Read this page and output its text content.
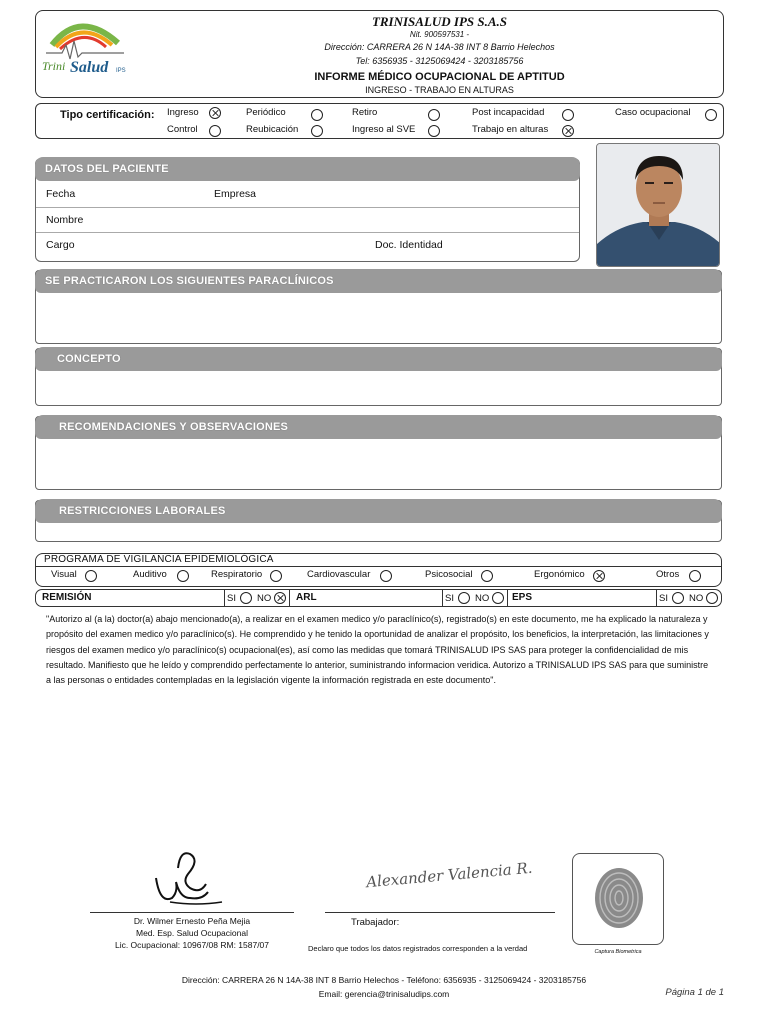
TRINISALUD IPS S.A.S
Nit. 900597531 -
Dirección: CARRERA 26 N 14A-38 INT 8 Barrio Helechos
Tel: 6356935 - 3125069424 - 3203185756
INFORME MÉDICO OCUPACIONAL DE APTITUD
INGRESO - TRABAJO EN ALTURAS
Trini Salud IPS
Tipo certificación: Ingreso	Periódico	Retiro	Post incapacidad	Caso ocupacional
Control	Reubicación	Ingreso al SVE	Trabajo en alturas
DATOS DEL PACIENTE
Fecha	Empresa
Nombre
Cargo	Doc. Identidad
SE PRACTICARON LOS SIGUIENTES PARACLÍNICOS
CONCEPTO
RECOMENDACIONES Y OBSERVACIONES
RESTRICCIONES LABORALES
PROGRAMA DE VIGILANCIA EPIDEMIOLÓGICA
Visual	Auditivo	Respiratorio	Cardiovascular	Psicosocial	Ergonómico	Otros
REMISIÓN	SI NO ARL	SI NO EPS	SI NO
"Autorizo al (a la) doctor(a) abajo mencionado(a), a realizar en el examen medico y/o paraclínico(s), registrado(s) en este documento, me ha explicado la naturaleza y propósito del examen medico y/o paraclínico(s). He comprendido y he tenido la oportunidad de analizar el propósito, los beneficios, la interpretación, las limitaciones y riesgos del examen medico y/o paraclínico(s) ocupacional(es), así como las medidas que tomará TRINISALUD IPS SAS para proteger la confidencialidad de mis resultado. Manifiesto que he leído y comprendido perfectamente lo anterior, suministrando informacion veridica. Autorizo a TRINISALUD IPS SAS para que suministre a las personas o entidades contempladas en la legislación vigente la información registrada en este documento".
Dr. Wilmer Ernesto Peña Mejia
Med. Esp. Salud Ocupacional
Lic. Ocupacional: 10967/08 RM: 1587/07
Alexander Valencia R.
Trabajador:
Declaro que todos los datos registrados corresponden a la verdad	Captura Biometrica
Dirección: CARRERA 26 N 14A-38 INT 8 Barrio Helechos - Teléfono: 6356935 - 3125069424 - 3203185756
Email: gerencia@trinisaludips.com	Página 1 de 1
